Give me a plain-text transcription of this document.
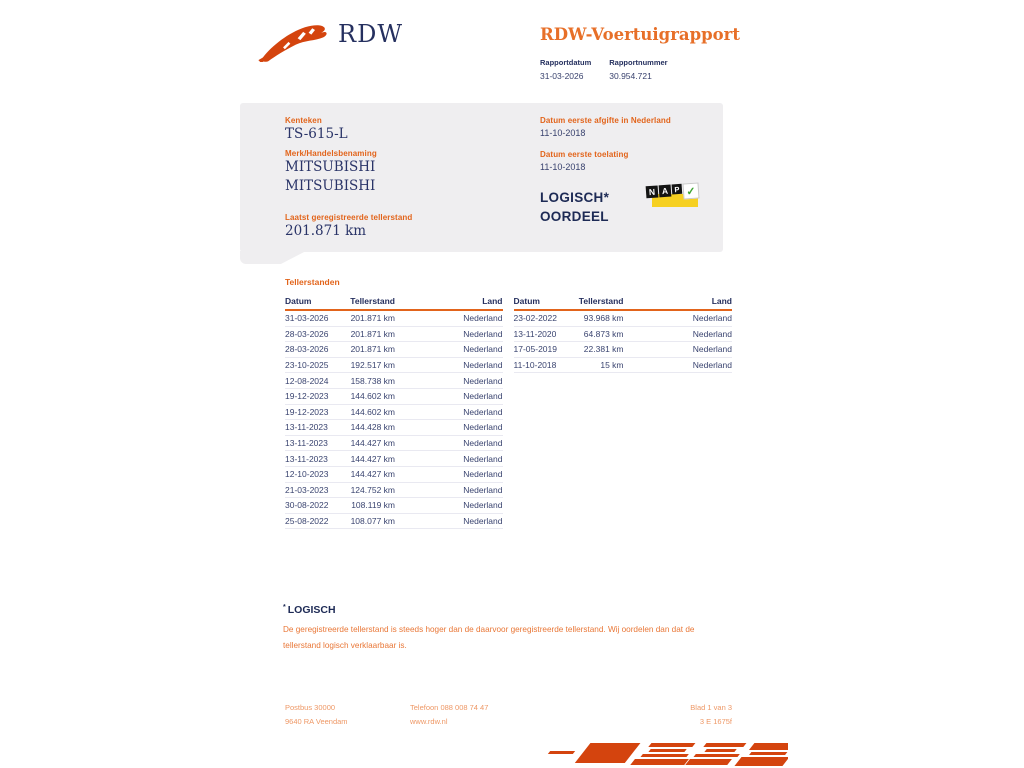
RDW	RDW-Voertuigrapport
Rapportdatum
31-03-2026
Rapportnummer
30.954.721
Kenteken
TS-615-L
Merk/Handelsbenaming
MITSUBISHI
MITSUBISHI
Laatst geregistreerde tellerstand
201.871 km
Datum eerste afgifte in Nederland
11-10-2018
Datum eerste toelating
11-10-2018
LOGISCH*
OORDEEL
N A P ✓
Tellerstanden
Datum	Tellerstand	Land
31-03-2026	201.871 km	Nederland
28-03-2026	201.871 km	Nederland
28-03-2026	201.871 km	Nederland
23-10-2025	192.517 km	Nederland
12-08-2024	158.738 km	Nederland
19-12-2023	144.602 km	Nederland
19-12-2023	144.602 km	Nederland
13-11-2023	144.428 km	Nederland
13-11-2023	144.427 km	Nederland
13-11-2023	144.427 km	Nederland
12-10-2023	144.427 km	Nederland
21-03-2023	124.752 km	Nederland
30-08-2022	108.119 km	Nederland
25-08-2022	108.077 km	Nederland
Datum	Tellerstand	Land
23-02-2022	93.968 km	Nederland
13-11-2020	64.873 km	Nederland
17-05-2019	22.381 km	Nederland
11-10-2018	15 km	Nederland
* LOGISCH
De geregistreerde tellerstand is steeds hoger dan de daarvoor geregistreerde tellerstand. Wij oordelen dan dat de tellerstand logisch verklaarbaar is.
Postbus 30000
9640 RA Veendam
Telefoon 088 008 74 47
www.rdw.nl
Blad 1 van 3
3 E 1675f
